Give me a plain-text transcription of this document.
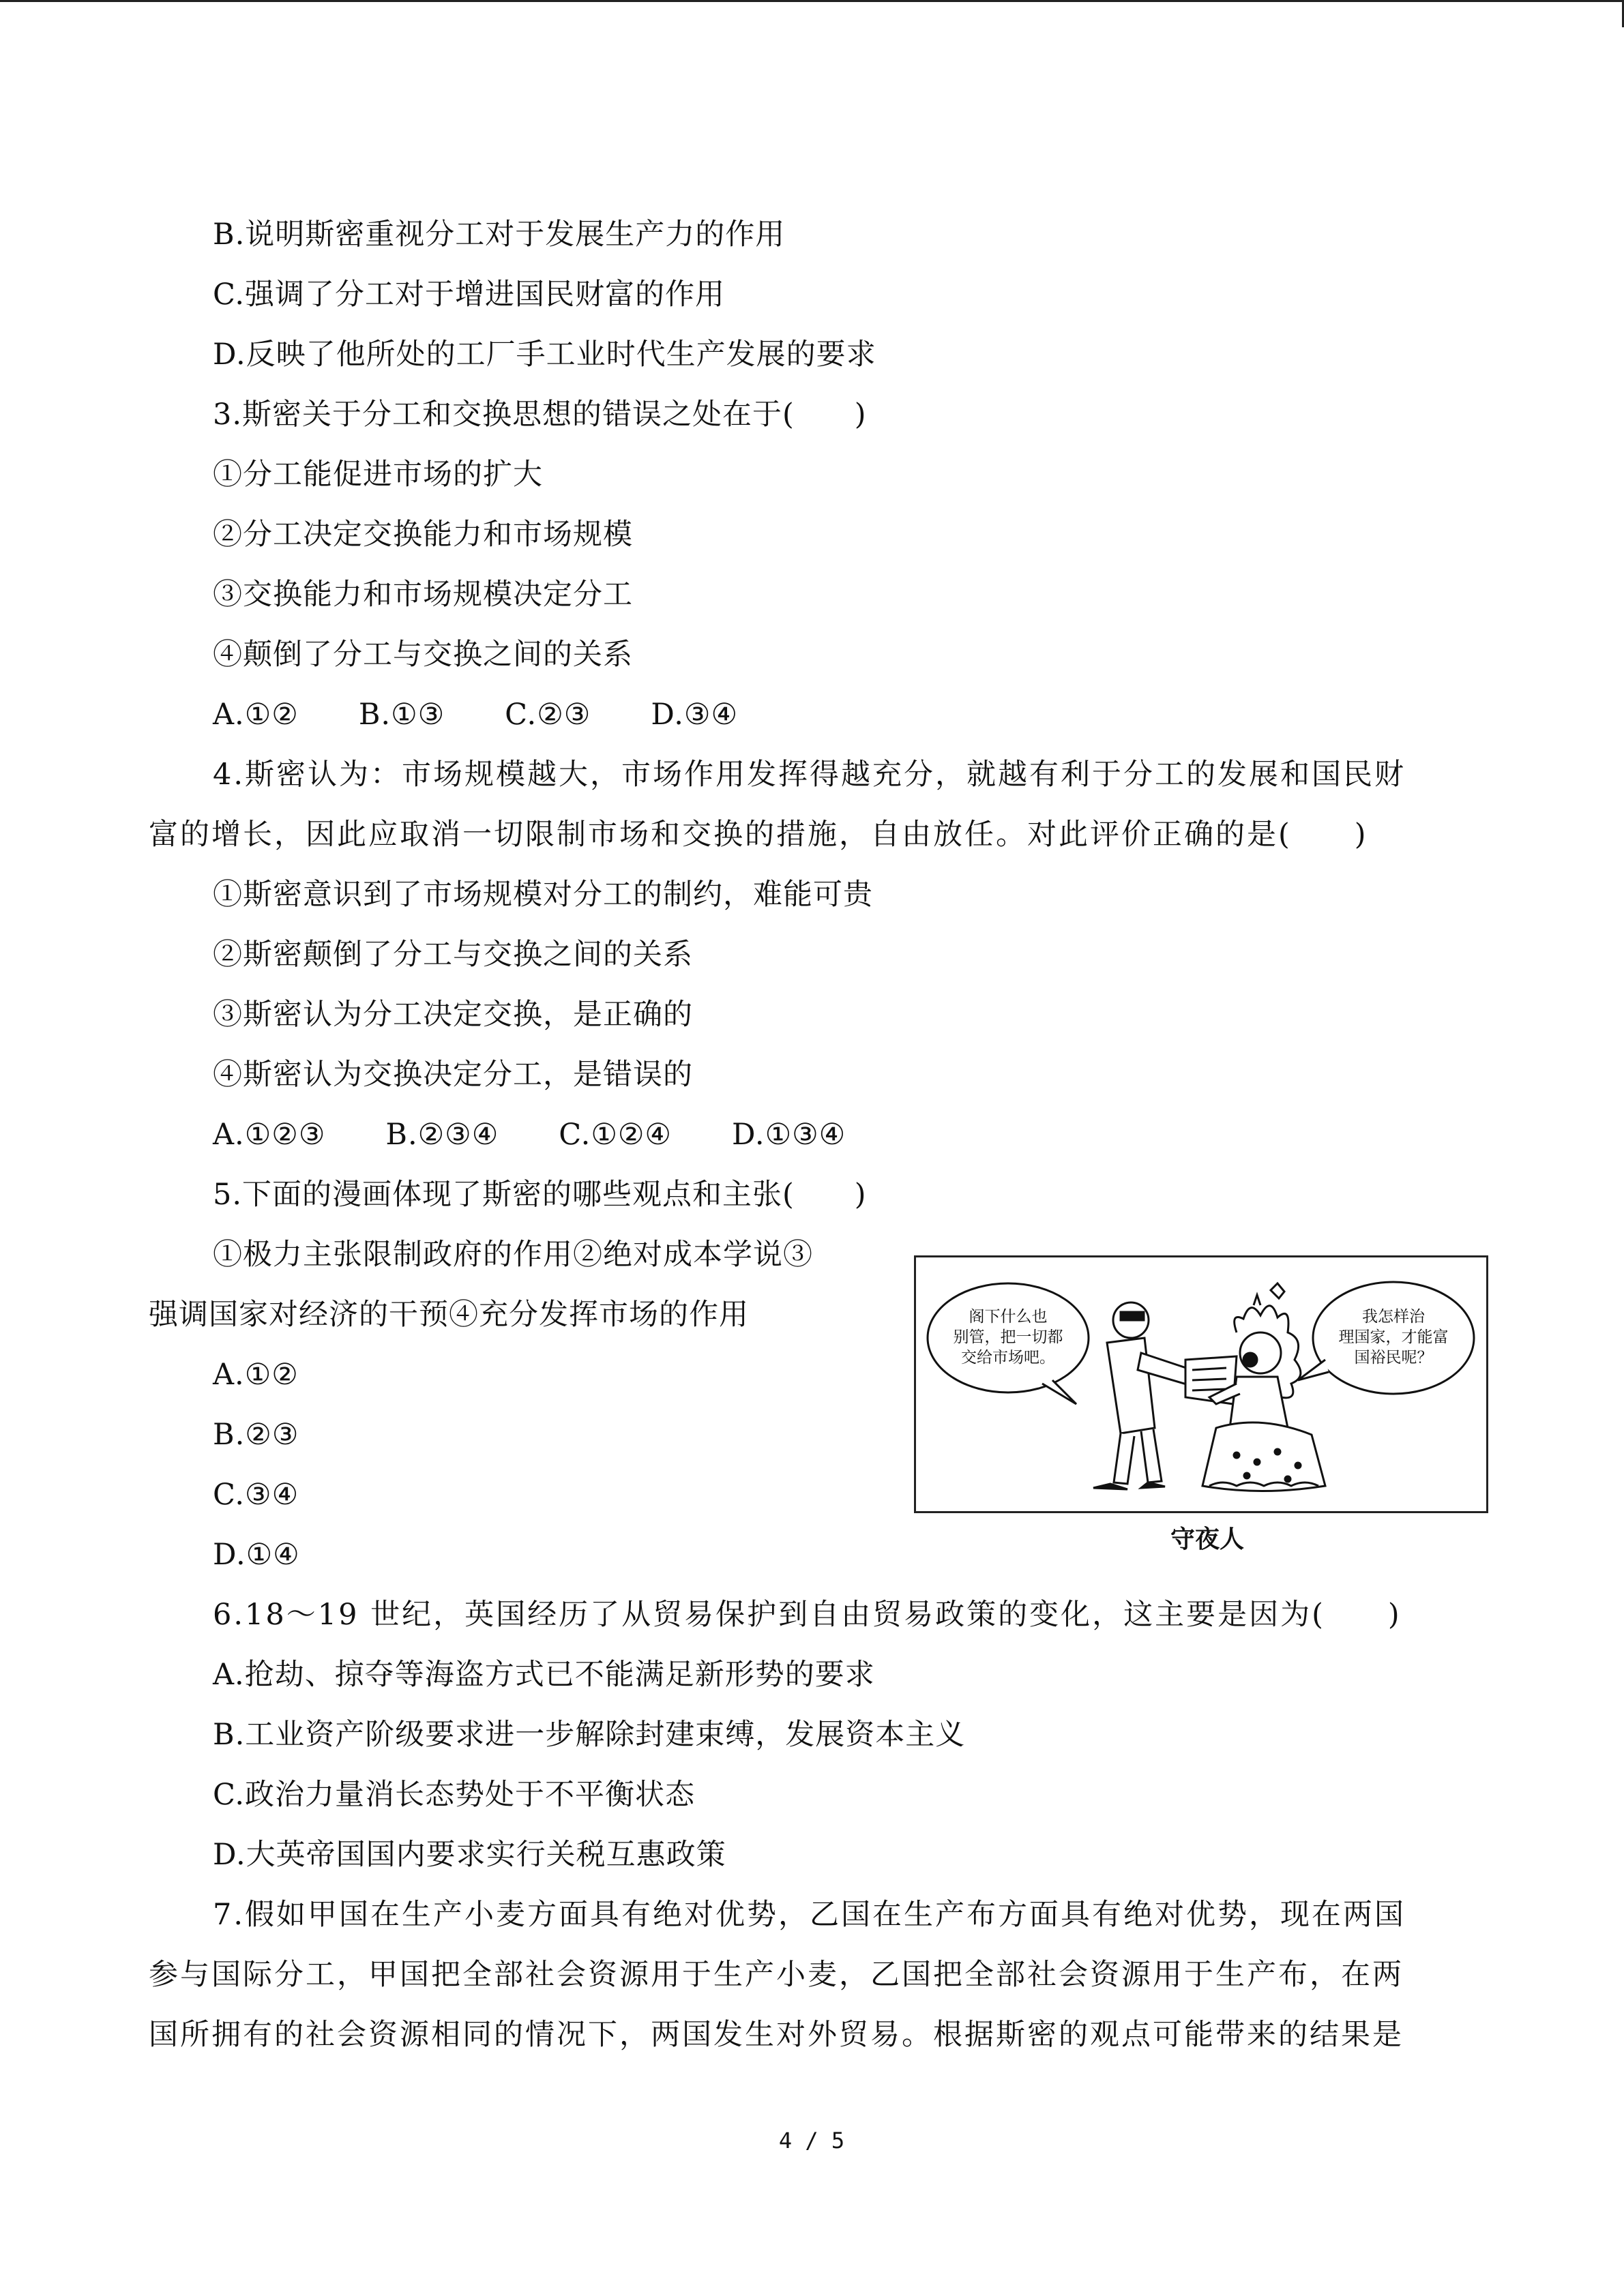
B.说明斯密重视分工对于发展生产力的作用
C.强调了分工对于增进国民财富的作用
D.反映了他所处的工厂手工业时代生产发展的要求
3.斯密关于分工和交换思想的错误之处在于(　　)
①分工能促进市场的扩大
②分工决定交换能力和市场规模
③交换能力和市场规模决定分工
④颠倒了分工与交换之间的关系
A.①②　　B.①③　　C.②③　　D.③④
4.斯密认为：市场规模越大，市场作用发挥得越充分，就越有利于分工的发展和国民财
富的增长，因此应取消一切限制市场和交换的措施，自由放任。对此评价正确的是(　　)
①斯密意识到了市场规模对分工的制约，难能可贵
②斯密颠倒了分工与交换之间的关系
③斯密认为分工决定交换，是正确的
④斯密认为交换决定分工，是错误的
A.①②③　　B.②③④　　C.①②④　　D.①③④
5.下面的漫画体现了斯密的哪些观点和主张(　　)
①极力主张限制政府的作用②绝对成本学说③
强调国家对经济的干预④充分发挥市场的作用
A.①②
B.②③
C.③④
D.①④
6.18～19 世纪，英国经历了从贸易保护到自由贸易政策的变化，这主要是因为(　　)
A.抢劫、掠夺等海盗方式已不能满足新形势的要求
B.工业资产阶级要求进一步解除封建束缚，发展资本主义
C.政治力量消长态势处于不平衡状态
D.大英帝国国内要求实行关税互惠政策
7.假如甲国在生产小麦方面具有绝对优势，乙国在生产布方面具有绝对优势，现在两国
参与国际分工，甲国把全部社会资源用于生产小麦，乙国把全部社会资源用于生产布，在两
国所拥有的社会资源相同的情况下，两国发生对外贸易。根据斯密的观点可能带来的结果是
阁下什么也
别管，把一切都
交给市场吧。
我怎样治
理国家，才能富
国裕民呢？
守夜人
4 / 5
